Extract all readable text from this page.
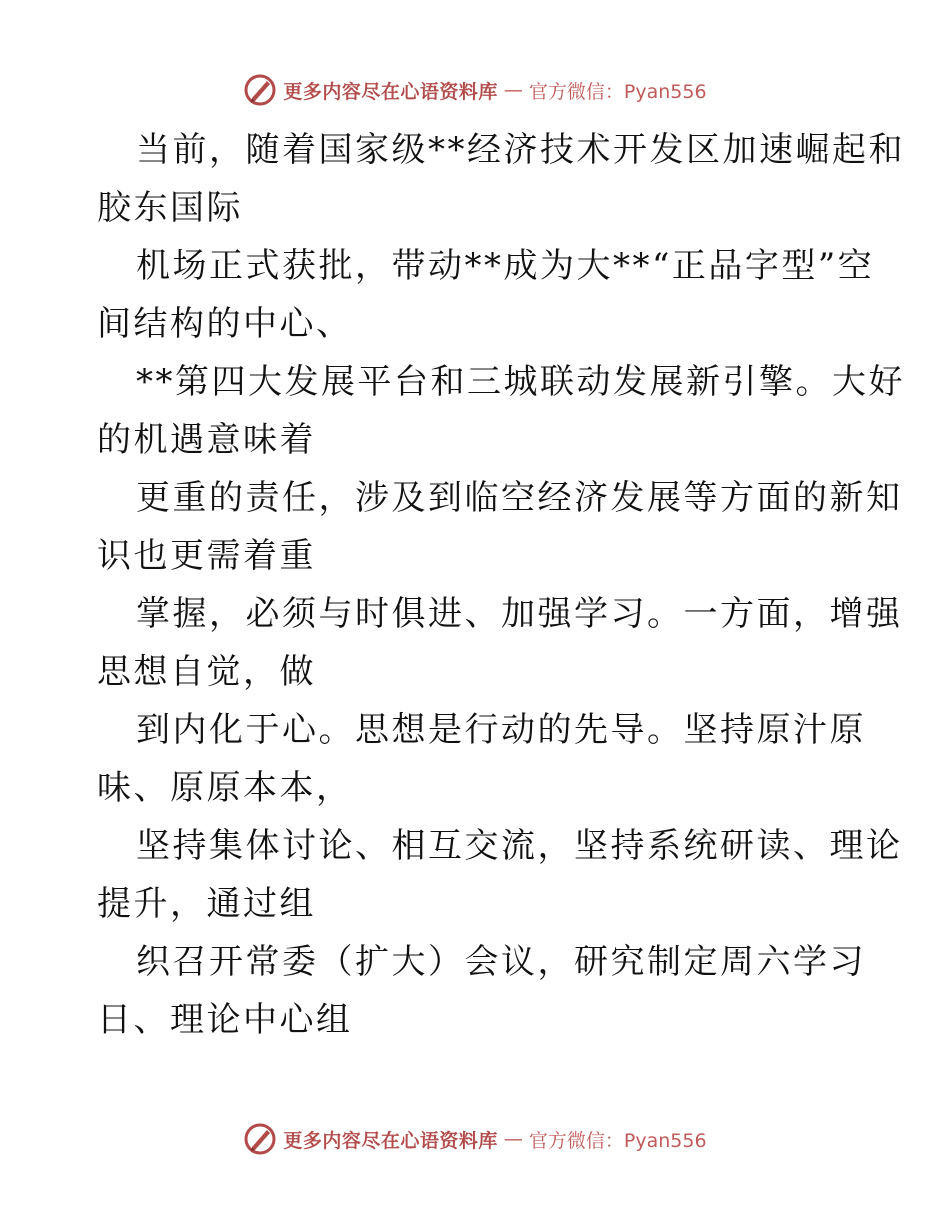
更多内容尽在心语资料库 — 官方微信：Pyan556
当前，随着国家级**经济技术开发区加速崛起和
胶东国际
机场正式获批，带动**成为大**“正品字型”空
间结构的中心、
**第四大发展平台和三城联动发展新引擎。大好
的机遇意味着
更重的责任，涉及到临空经济发展等方面的新知
识也更需着重
掌握，必须与时俱进、加强学习。一方面，增强
思想自觉，做
到内化于心。思想是行动的先导。坚持原汁原
味、原原本本，
坚持集体讨论、相互交流，坚持系统研读、理论
提升，通过组
织召开常委（扩大）会议，研究制定周六学习
日、理论中心组
更多内容尽在心语资料库 — 官方微信：Pyan556
